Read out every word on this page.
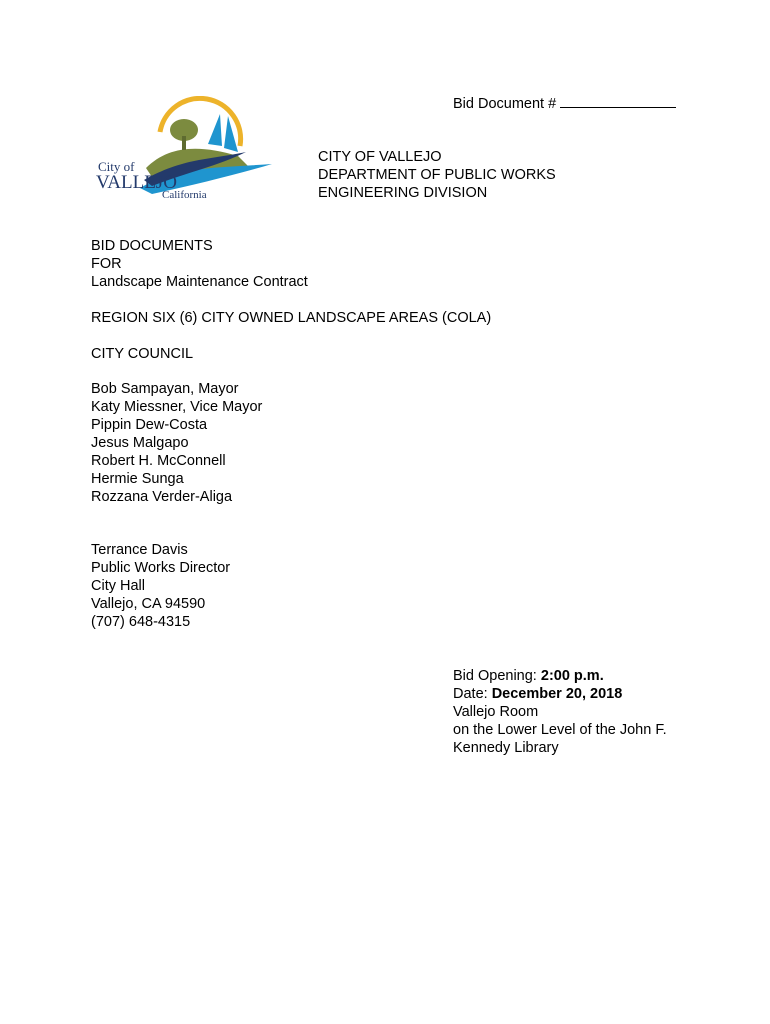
Bid Document #
City of
VALLEJO
California
CITY OF VALLEJO
DEPARTMENT OF PUBLIC WORKS
ENGINEERING DIVISION
BID DOCUMENTS
FOR
Landscape Maintenance Contract
REGION SIX (6) CITY OWNED LANDSCAPE AREAS (COLA)
CITY COUNCIL
Bob Sampayan, Mayor
Katy Miessner, Vice Mayor
Pippin Dew-Costa
Jesus Malgapo
Robert H. McConnell
Hermie Sunga
Rozzana Verder-Aliga
Terrance Davis
Public Works Director
City Hall
Vallejo, CA 94590
(707) 648-4315
Bid Opening: 2:00 p.m.
Date: December 20, 2018
Vallejo Room
on the Lower Level of the John F.
Kennedy Library
